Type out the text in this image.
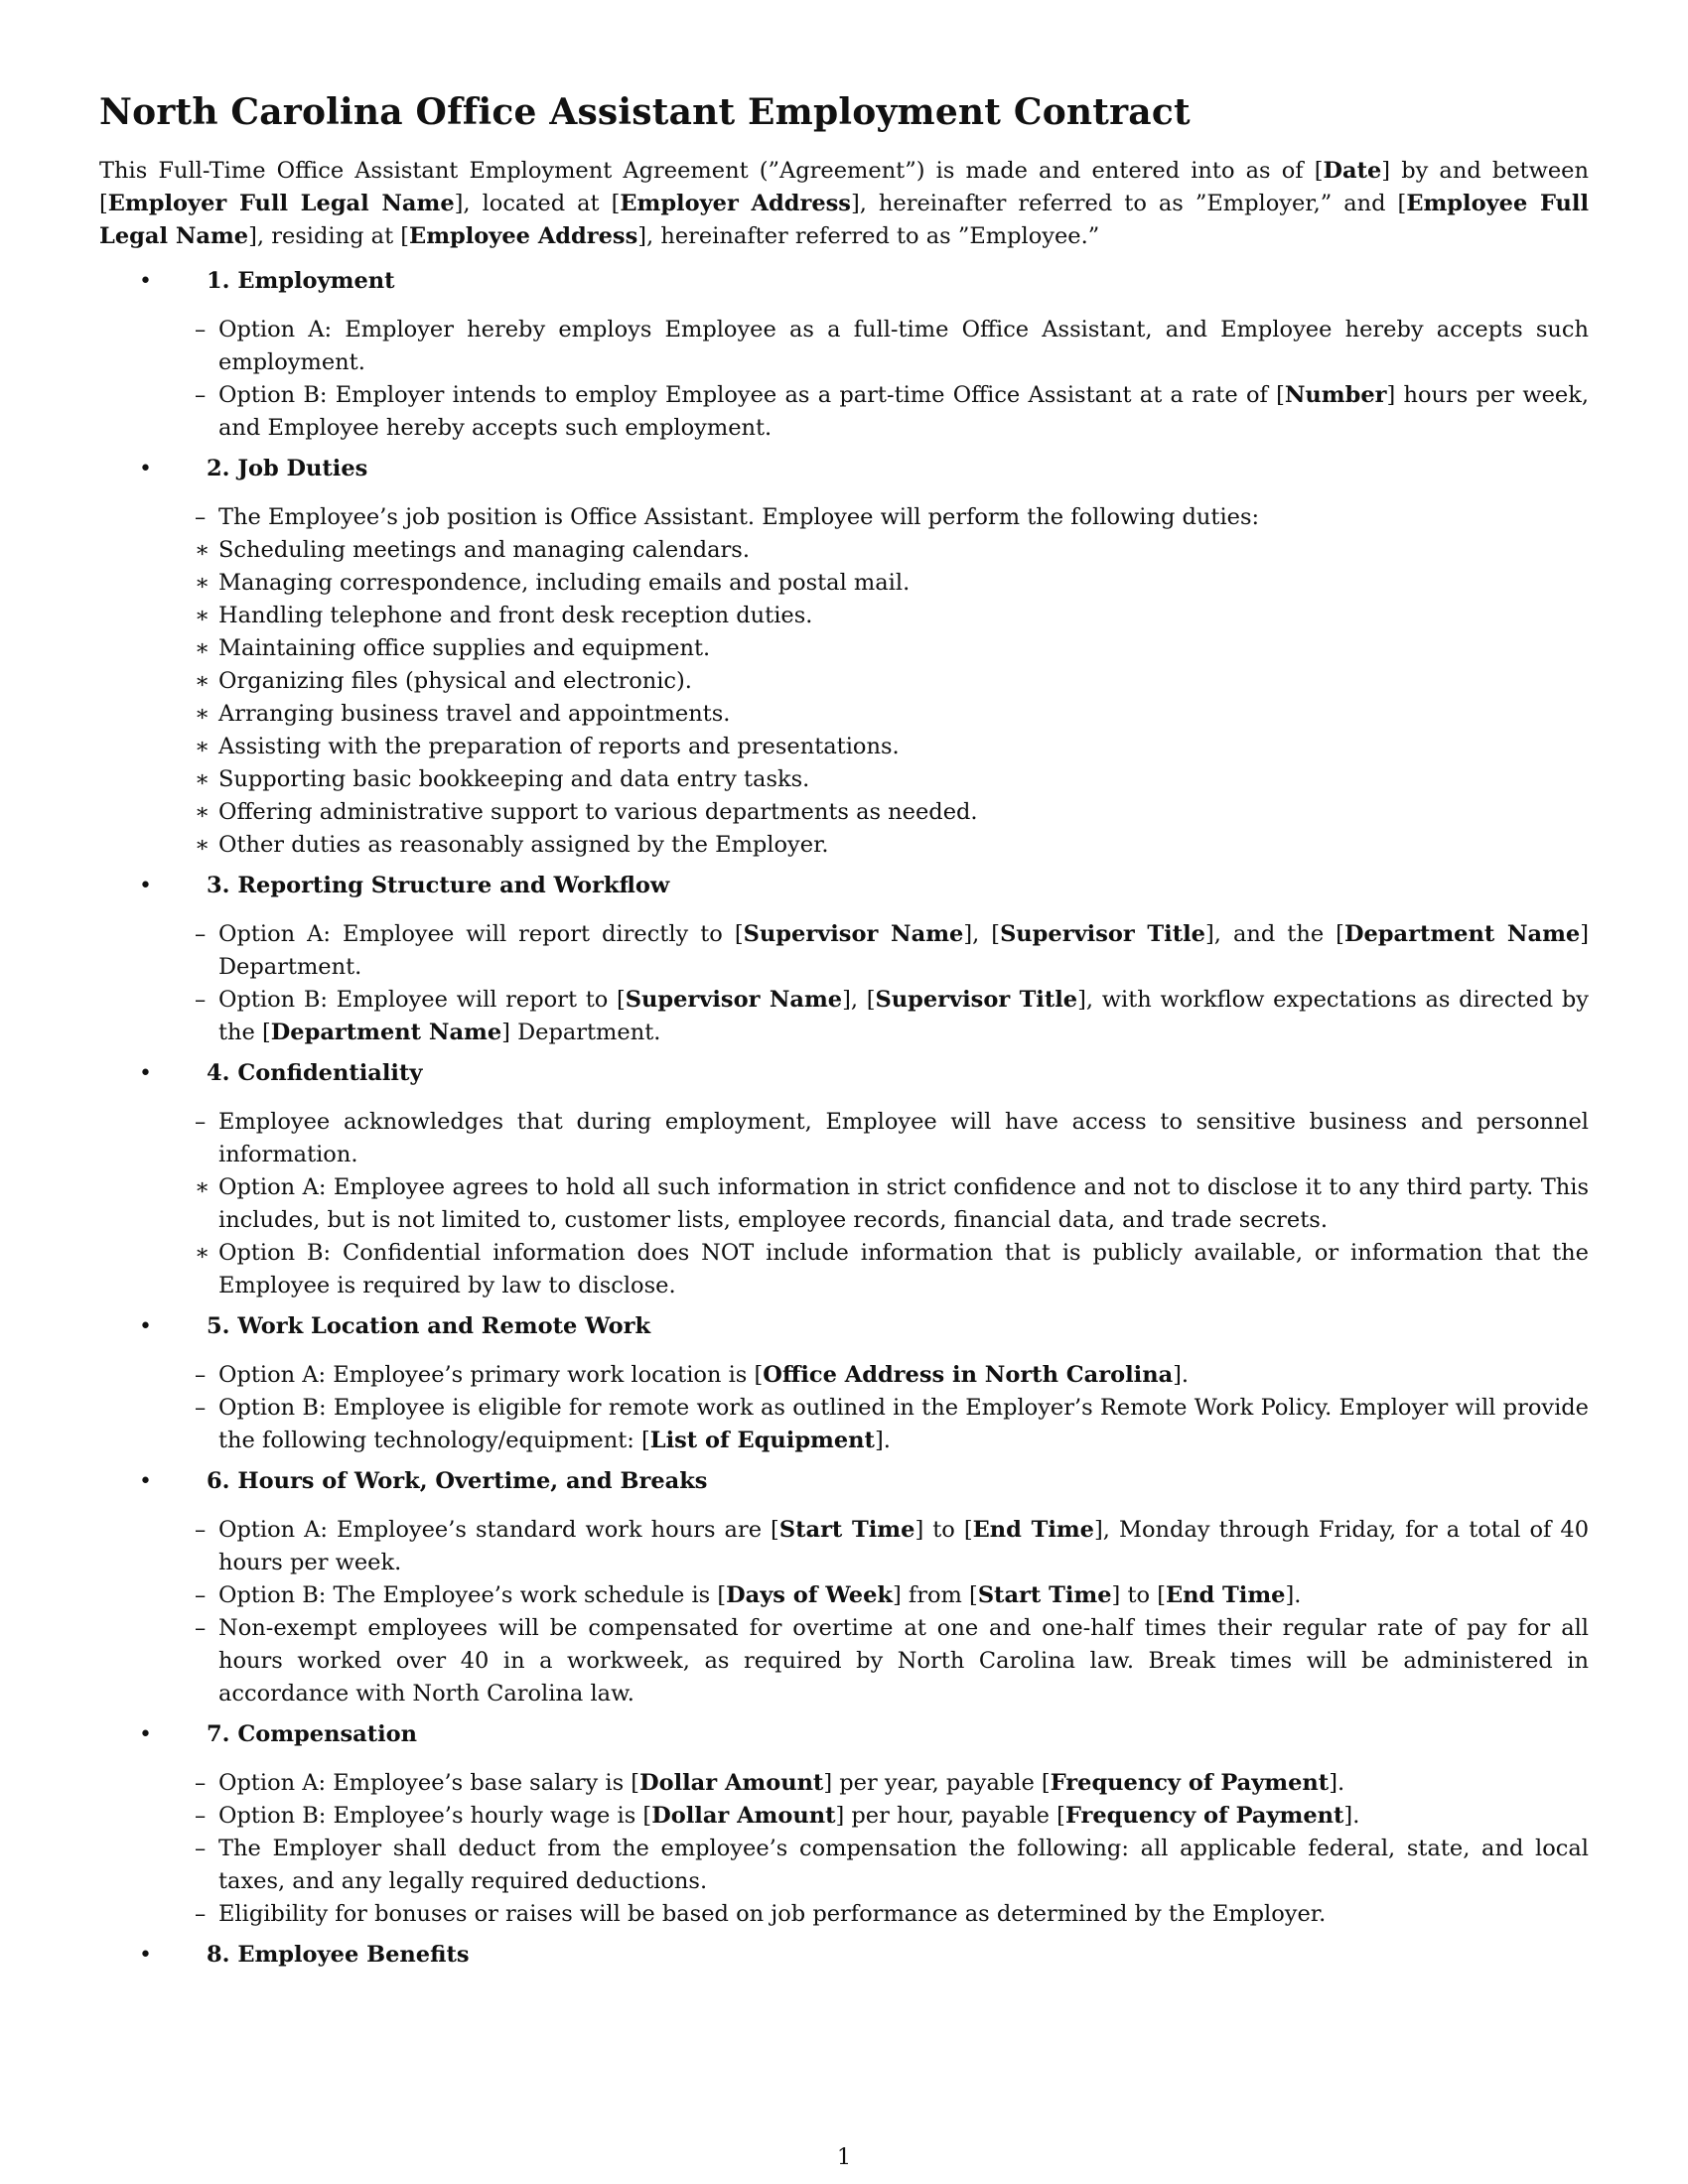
North Carolina Office Assistant Employment Contract

This Full-Time Office Assistant Employment Agreement (”Agreement”) is made and entered into as of [Date] by and between [Employer Full Legal Name], located at [Employer Address], hereinafter referred to as ”Employer,” and [Employee Full Legal Name], residing at [Employee Address], hereinafter referred to as ”Employee.”

• 1. Employment
– Option A: Employer hereby employs Employee as a full-time Office Assistant, and Employee hereby accepts such employment.
– Option B: Employer intends to employ Employee as a part-time Office Assistant at a rate of [Number] hours per week, and Employee hereby accepts such employment.
• 2. Job Duties
– The Employee’s job position is Office Assistant. Employee will perform the following duties:
∗ Scheduling meetings and managing calendars.
∗ Managing correspondence, including emails and postal mail.
∗ Handling telephone and front desk reception duties.
∗ Maintaining office supplies and equipment.
∗ Organizing files (physical and electronic).
∗ Arranging business travel and appointments.
∗ Assisting with the preparation of reports and presentations.
∗ Supporting basic bookkeeping and data entry tasks.
∗ Offering administrative support to various departments as needed.
∗ Other duties as reasonably assigned by the Employer.
• 3. Reporting Structure and Workflow
– Option A: Employee will report directly to [Supervisor Name], [Supervisor Title], and the [Department Name] Department.
– Option B: Employee will report to [Supervisor Name], [Supervisor Title], with workflow expectations as directed by the [Department Name] Department.
• 4. Confidentiality
– Employee acknowledges that during employment, Employee will have access to sensitive business and personnel information.
∗ Option A: Employee agrees to hold all such information in strict confidence and not to disclose it to any third party. This includes, but is not limited to, customer lists, employee records, financial data, and trade secrets.
∗ Option B: Confidential information does NOT include information that is publicly available, or information that the Employee is required by law to disclose.
• 5. Work Location and Remote Work
– Option A: Employee’s primary work location is [Office Address in North Carolina].
– Option B: Employee is eligible for remote work as outlined in the Employer’s Remote Work Policy. Employer will provide the following technology/equipment: [List of Equipment].
• 6. Hours of Work, Overtime, and Breaks
– Option A: Employee’s standard work hours are [Start Time] to [End Time], Monday through Friday, for a total of 40 hours per week.
– Option B: The Employee’s work schedule is [Days of Week] from [Start Time] to [End Time].
– Non-exempt employees will be compensated for overtime at one and one-half times their regular rate of pay for all hours worked over 40 in a workweek, as required by North Carolina law. Break times will be administered in accordance with North Carolina law.
• 7. Compensation
– Option A: Employee’s base salary is [Dollar Amount] per year, payable [Frequency of Payment].
– Option B: Employee’s hourly wage is [Dollar Amount] per hour, payable [Frequency of Payment].
– The Employer shall deduct from the employee’s compensation the following: all applicable federal, state, and local taxes, and any legally required deductions.
– Eligibility for bonuses or raises will be based on job performance as determined by the Employer.
• 8. Employee Benefits
1
